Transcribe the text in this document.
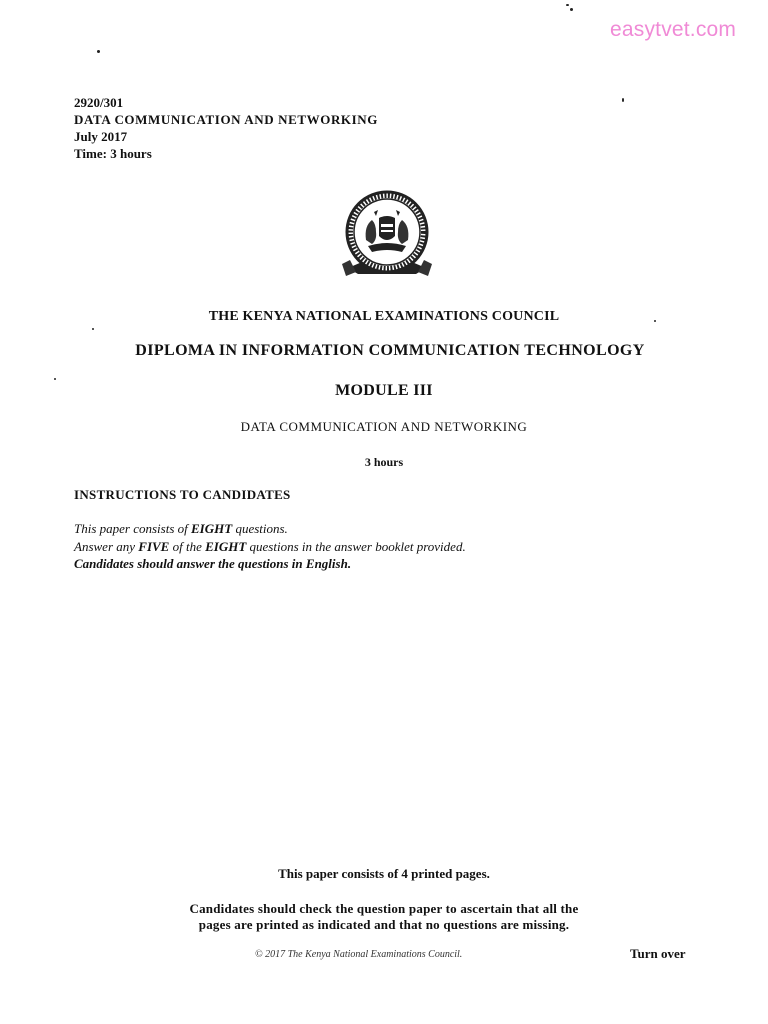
easytvet.com
2920/301
DATA COMMUNICATION AND NETWORKING
July 2017
Time: 3 hours
THE KENYA NATIONAL EXAMINATIONS COUNCIL
DIPLOMA IN INFORMATION COMMUNICATION TECHNOLOGY
MODULE III
DATA COMMUNICATION AND NETWORKING
3 hours
INSTRUCTIONS TO CANDIDATES
This paper consists of EIGHT questions.
Answer any FIVE of the EIGHT questions in the answer booklet provided.
Candidates should answer the questions in English.
This paper consists of 4 printed pages.
Candidates should check the question paper to ascertain that all the
pages are printed as indicated and that no questions are missing.
© 2017 The Kenya National Examinations Council.	Turn over
